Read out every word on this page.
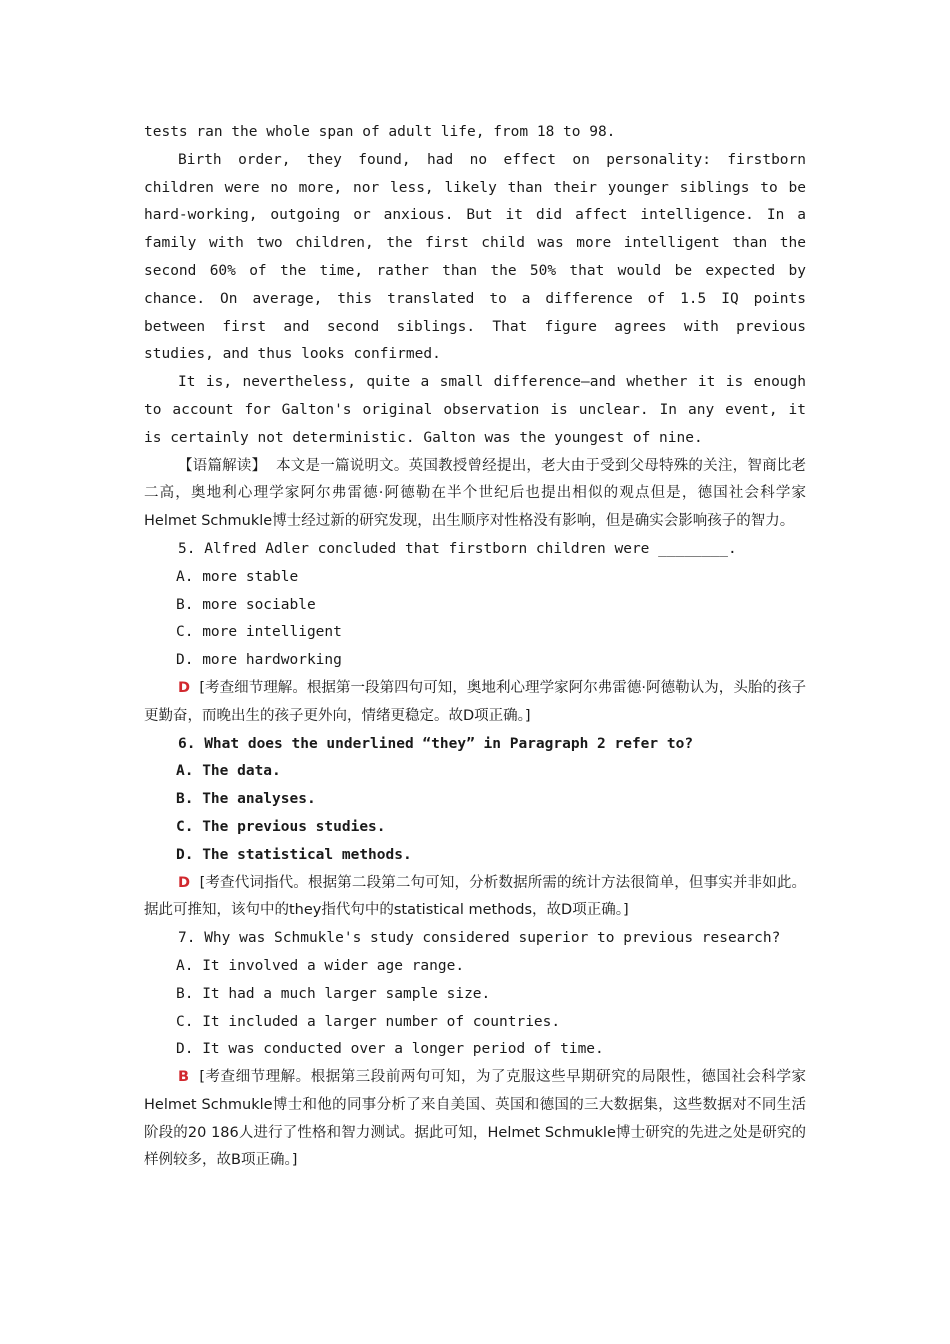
tests ran the whole span of adult life, from 18 to 98.

Birth order, they found, had no effect on personality: firstborn children were no more, nor less, likely than their younger siblings to be hard-working, outgoing or anxious. But it did affect intelligence. In a family with two children, the first child was more intelligent than the second 60% of the time, rather than the 50% that would be expected by chance. On average, this translated to a difference of 1.5 IQ points between first and second siblings. That figure agrees with previous studies, and thus looks confirmed.

It is, nevertheless, quite a small difference—and whether it is enough to account for Galton's original observation is unclear. In any event, it is certainly not deterministic. Galton was the youngest of nine.

【语篇解读】 本文是一篇说明文。英国教授曾经提出，老大由于受到父母特殊的关注，智商比老二高，奥地利心理学家阿尔弗雷德·阿德勒在半个世纪后也提出相似的观点但是，德国社会科学家Helmet Schmukle博士经过新的研究发现，出生顺序对性格没有影响，但是确实会影响孩子的智力。

5. Alfred Adler concluded that firstborn children were ________.

A. more stable

B. more sociable

C. more intelligent

D. more hardworking

D [考查细节理解。根据第一段第四句可知，奥地利心理学家阿尔弗雷德·阿德勒认为，头胎的孩子更勤奋，而晚出生的孩子更外向，情绪更稳定。故D项正确。]

6. What does the underlined “they” in Paragraph 2 refer to?

A. The data.

B. The analyses.

C. The previous studies.

D. The statistical methods.

D [考查代词指代。根据第二段第二句可知，分析数据所需的统计方法很简单，但事实并非如此。据此可推知，该句中的they指代句中的statistical methods，故D项正确。]

7. Why was Schmukle's study considered superior to previous research?

A. It involved a wider age range.

B. It had a much larger sample size.

C. It included a larger number of countries.

D. It was conducted over a longer period of time.

B [考查细节理解。根据第三段前两句可知，为了克服这些早期研究的局限性，德国社会科学家Helmet Schmukle博士和他的同事分析了来自美国、英国和德国的三大数据集，这些数据对不同生活阶段的20 186人进行了性格和智力测试。据此可知，Helmet Schmukle博士研究的先进之处是研究的样例较多，故B项正确。]
